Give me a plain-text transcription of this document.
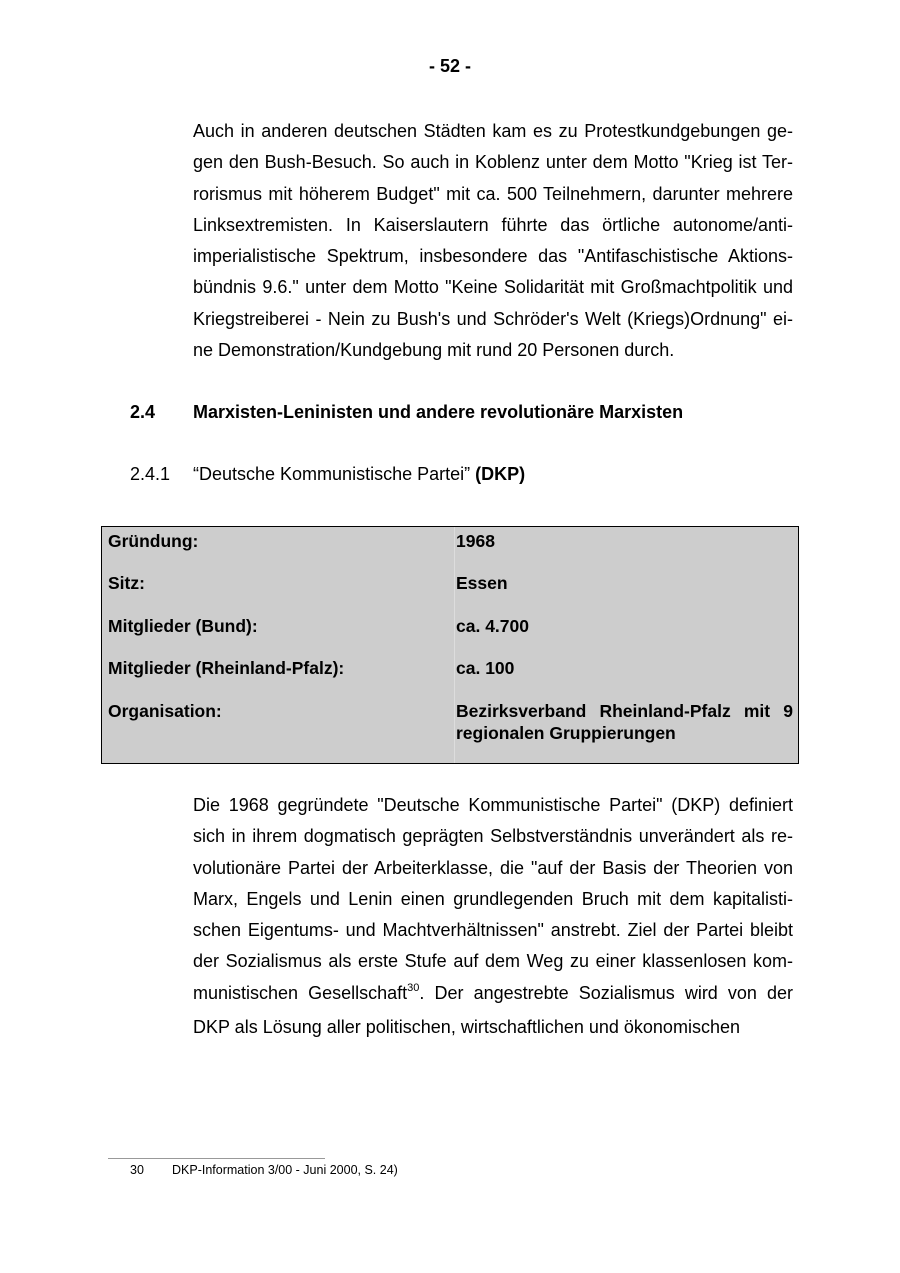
- 52 -
Auch in anderen deutschen Städten kam es zu Protestkundgebungen ge-
gen den Bush-Besuch. So auch in Koblenz unter dem Motto "Krieg ist Ter-
rorismus mit höherem Budget" mit ca. 500 Teilnehmern, darunter mehrere
Linksextremisten. In Kaiserslautern führte das örtliche autonome/anti-
imperialistische Spektrum, insbesondere das "Antifaschistische Aktions-
bündnis 9.6." unter dem Motto "Keine Solidarität mit Großmachtpolitik und
Kriegstreiberei - Nein zu Bush's und Schröder's Welt (Kriegs)Ordnung" ei-
ne Demonstration/Kundgebung mit rund 20 Personen durch.
2.4 Marxisten-Leninisten und andere revolutionäre Marxisten
2.4.1 “Deutsche Kommunistische Partei” (DKP)
Gründung:	1968
Sitz:	Essen
Mitglieder (Bund):	ca. 4.700
Mitglieder (Rheinland-Pfalz):	ca. 100
Organisation:	Bezirksverband Rheinland-Pfalz mit 9
regionalen Gruppierungen
Die 1968 gegründete "Deutsche Kommunistische Partei" (DKP) definiert
sich in ihrem dogmatisch geprägten Selbstverständnis unverändert als re-
volutionäre Partei der Arbeiterklasse, die "auf der Basis der Theorien von
Marx, Engels und Lenin einen grundlegenden Bruch mit dem kapitalisti-
schen Eigentums- und Machtverhältnissen" anstrebt. Ziel der Partei bleibt
der Sozialismus als erste Stufe auf dem Weg zu einer klassenlosen kom-
munistischen Gesellschaft$^{30}$. Der angestrebte Sozialismus wird von der
DKP als Lösung aller politischen, wirtschaftlichen und ökonomischen
30 DKP-Information 3/00 - Juni 2000, S. 24)
